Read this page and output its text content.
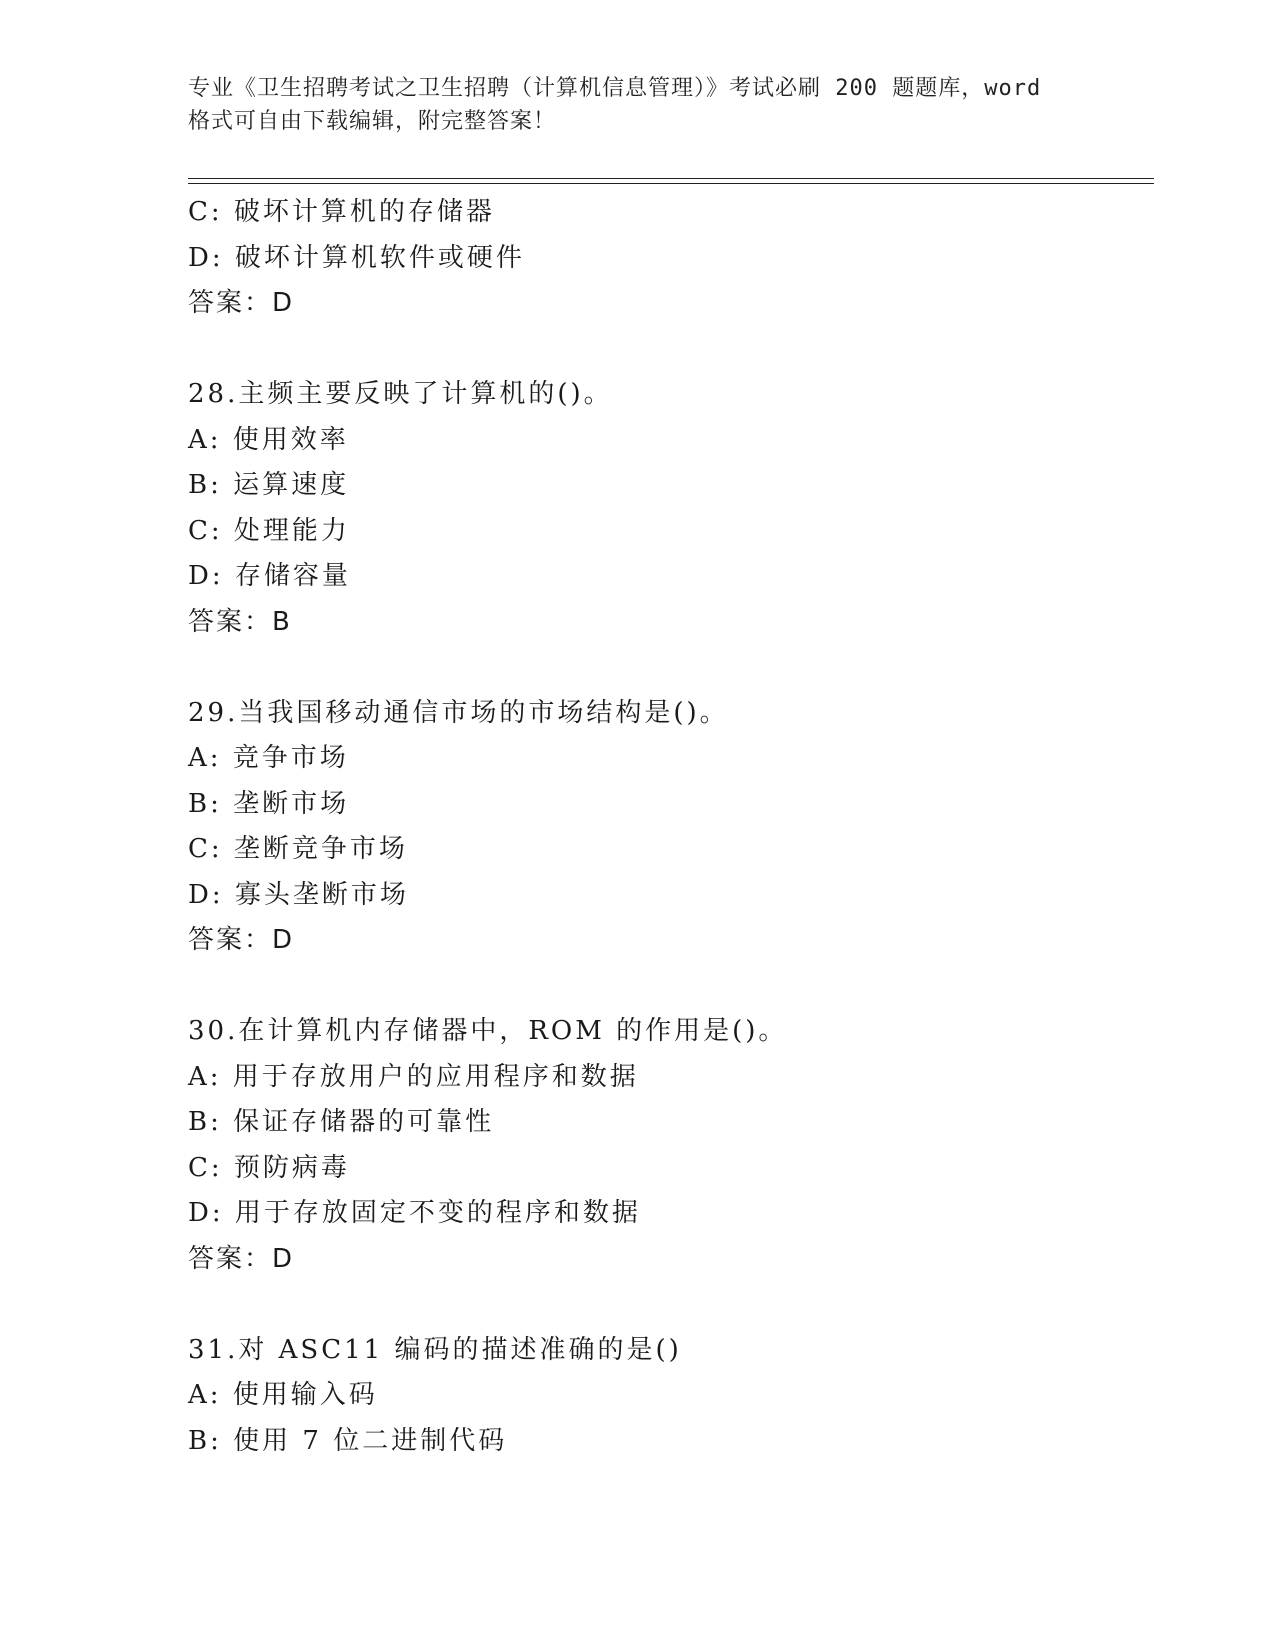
专业《卫生招聘考试之卫生招聘（计算机信息管理）》考试必刷 200 题题库，word
格式可自由下载编辑，附完整答案！
C: 破坏计算机的存储器
D: 破坏计算机软件或硬件
答案：D
28.主频主要反映了计算机的()。
A: 使用效率
B: 运算速度
C: 处理能力
D: 存储容量
答案：B
29.当我国移动通信市场的市场结构是()。
A: 竞争市场
B: 垄断市场
C: 垄断竞争市场
D: 寡头垄断市场
答案：D
30.在计算机内存储器中，ROM 的作用是()。
A: 用于存放用户的应用程序和数据
B: 保证存储器的可靠性
C: 预防病毒
D: 用于存放固定不变的程序和数据
答案：D
31.对 ASC11 编码的描述准确的是()
A: 使用输入码
B: 使用 7 位二进制代码
